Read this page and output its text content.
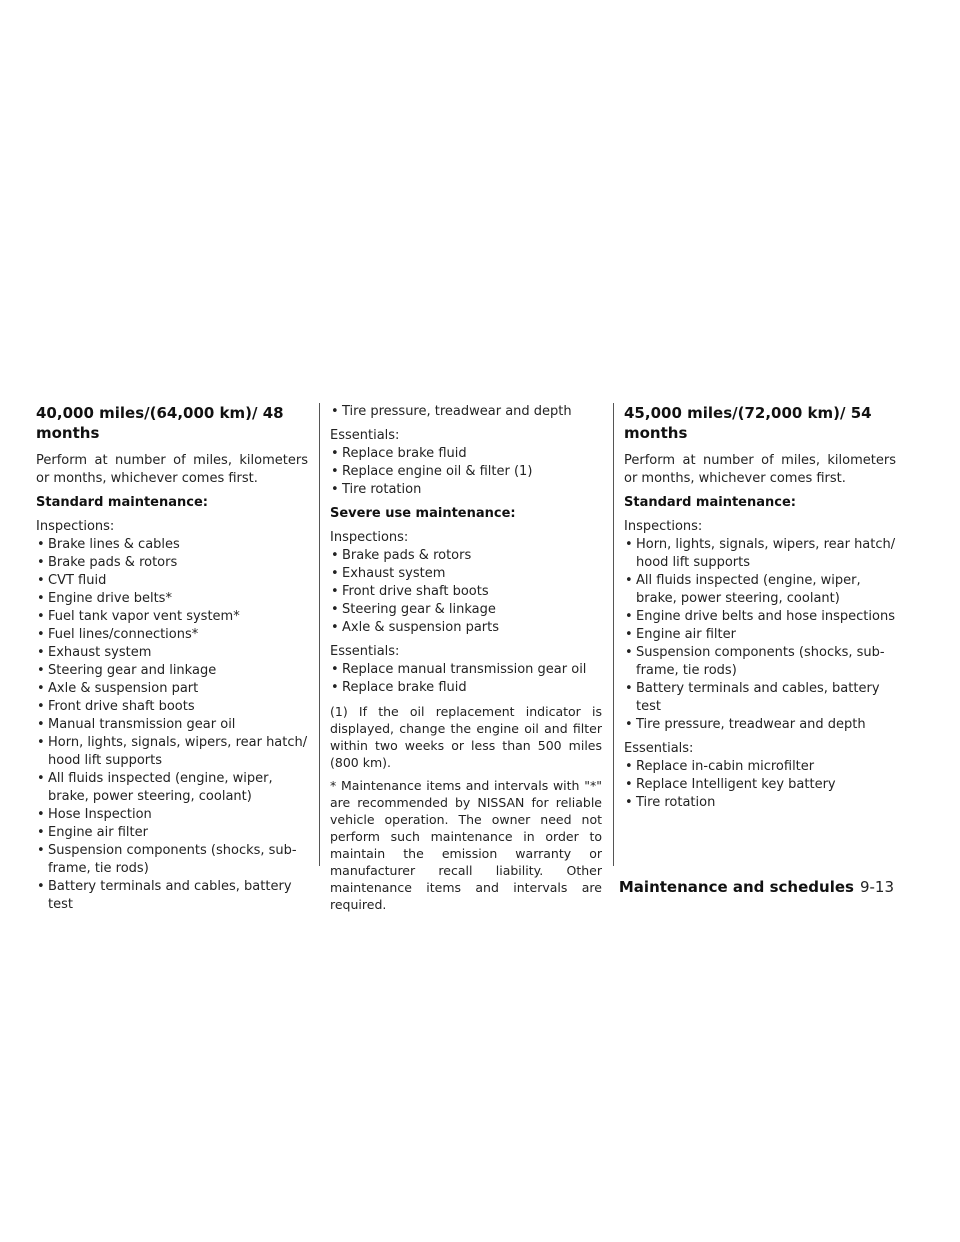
40,000 miles/(64,000 km)/ 48 months

Perform at number of miles, kilometers or months, whichever comes first.

Standard maintenance:

Inspections:
• Brake lines & cables
• Brake pads & rotors
• CVT fluid
• Engine drive belts*
• Fuel tank vapor vent system*
• Fuel lines/connections*
• Exhaust system
• Steering gear and linkage
• Axle & suspension part
• Front drive shaft boots
• Manual transmission gear oil
• Horn, lights, signals, wipers, rear hatch/ hood lift supports
• All fluids inspected (engine, wiper, brake, power steering, coolant)
• Hose Inspection
• Engine air filter
• Suspension components (shocks, sub-frame, tie rods)
• Battery terminals and cables, battery test
• Tire pressure, treadwear and depth
Essentials:
• Replace brake fluid
• Replace engine oil & filter (1)
• Tire rotation

Severe use maintenance:

Inspections:
• Brake pads & rotors
• Exhaust system
• Front drive shaft boots
• Steering gear & linkage
• Axle & suspension parts
Essentials:
• Replace manual transmission gear oil
• Replace brake fluid

(1) If the oil replacement indicator is displayed, change the engine oil and filter within two weeks or less than 500 miles (800 km).

* Maintenance items and intervals with "*" are recommended by NISSAN for reliable vehicle operation. The owner need not perform such maintenance in order to maintain the emission warranty or manufacturer recall liability. Other maintenance items and intervals are required.

45,000 miles/(72,000 km)/ 54 months

Perform at number of miles, kilometers or months, whichever comes first.

Standard maintenance:

Inspections:
• Horn, lights, signals, wipers, rear hatch/ hood lift supports
• All fluids inspected (engine, wiper, brake, power steering, coolant)
• Engine drive belts and hose inspections
• Engine air filter
• Suspension components (shocks, sub-frame, tie rods)
• Battery terminals and cables, battery test
• Tire pressure, treadwear and depth
Essentials:
• Replace in-cabin microfilter
• Replace Intelligent key battery
• Tire rotation
Maintenance and schedules 9-13
